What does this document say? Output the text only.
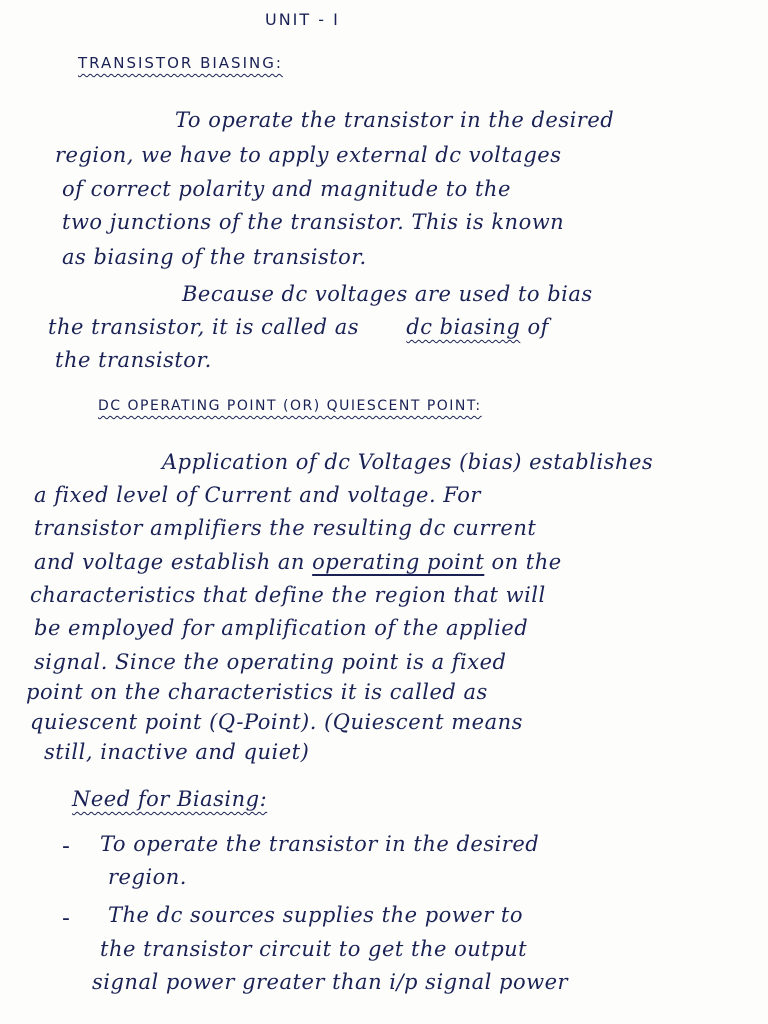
UNIT - I
TRANSISTOR BIASING:
To operate the transistor in the desired
region, we have to apply external dc voltages
of correct polarity and magnitude to the
two junctions of the transistor. This is known
as biasing of the transistor.
Because dc voltages are used to bias
the transistor, it is called as dc biasing of
the transistor.
DC OPERATING POINT (OR) QUIESCENT POINT:
Application of dc Voltages (bias) establishes
a fixed level of Current and voltage. For
transistor amplifiers the resulting dc current
and voltage establish an operating point on the
characteristics that define the region that will
be employed for amplification of the applied
signal. Since the operating point is a fixed
point on the characteristics it is called as
quiescent point (Q-Point). (Quiescent means
still, inactive and quiet)
Need for Biasing:
- To operate the transistor in the desired
region.
- The dc sources supplies the power to
the transistor circuit to get the output
signal power greater than i/p signal power
